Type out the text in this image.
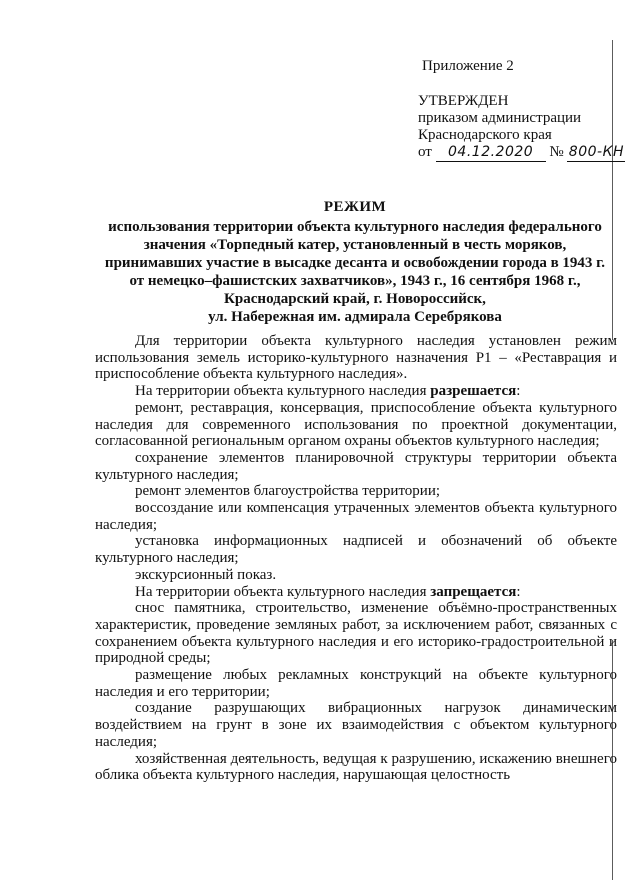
Приложение 2
УТВЕРЖДЕН
приказом администрации
Краснодарского края
от 04.12.2020 № 800-КН
РЕЖИМ
использования территории объекта культурного наследия федерального
значения «Торпедный катер, установленный в честь моряков,
принимавших участие в высадке десанта и освобождении города в 1943 г.
от немецко–фашистских захватчиков», 1943 г., 16 сентября 1968 г.,
Краснодарский край, г. Новороссийск,
ул. Набережная им. адмирала Серебрякова

Для территории объекта культурного наследия установлен режим использования земель историко-культурного назначения Р1 – «Реставрация и приспособление объекта культурного наследия».

На территории объекта культурного наследия разрешается:

ремонт, реставрация, консервация, приспособление объекта культурного наследия для современного использования по проектной документации, согласованной региональным органом охраны объектов культурного наследия;

сохранение элементов планировочной структуры территории объекта культурного наследия;

ремонт элементов благоустройства территории;

воссоздание или компенсация утраченных элементов объекта культурного наследия;

установка информационных надписей и обозначений об объекте культурного наследия;

экскурсионный показ.

На территории объекта культурного наследия запрещается:

снос памятника, строительство, изменение объёмно-пространственных характеристик, проведение земляных работ, за исключением работ, связанных с сохранением объекта культурного наследия и его историко-градостроительной и природной среды;

размещение любых рекламных конструкций на объекте культурного наследия и его территории;

создание разрушающих вибрационных нагрузок динамическим воздействием на грунт в зоне их взаимодействия с объектом культурного наследия;

хозяйственная деятельность, ведущая к разрушению, искажению внешнего облика объекта культурного наследия, нарушающая целостность
